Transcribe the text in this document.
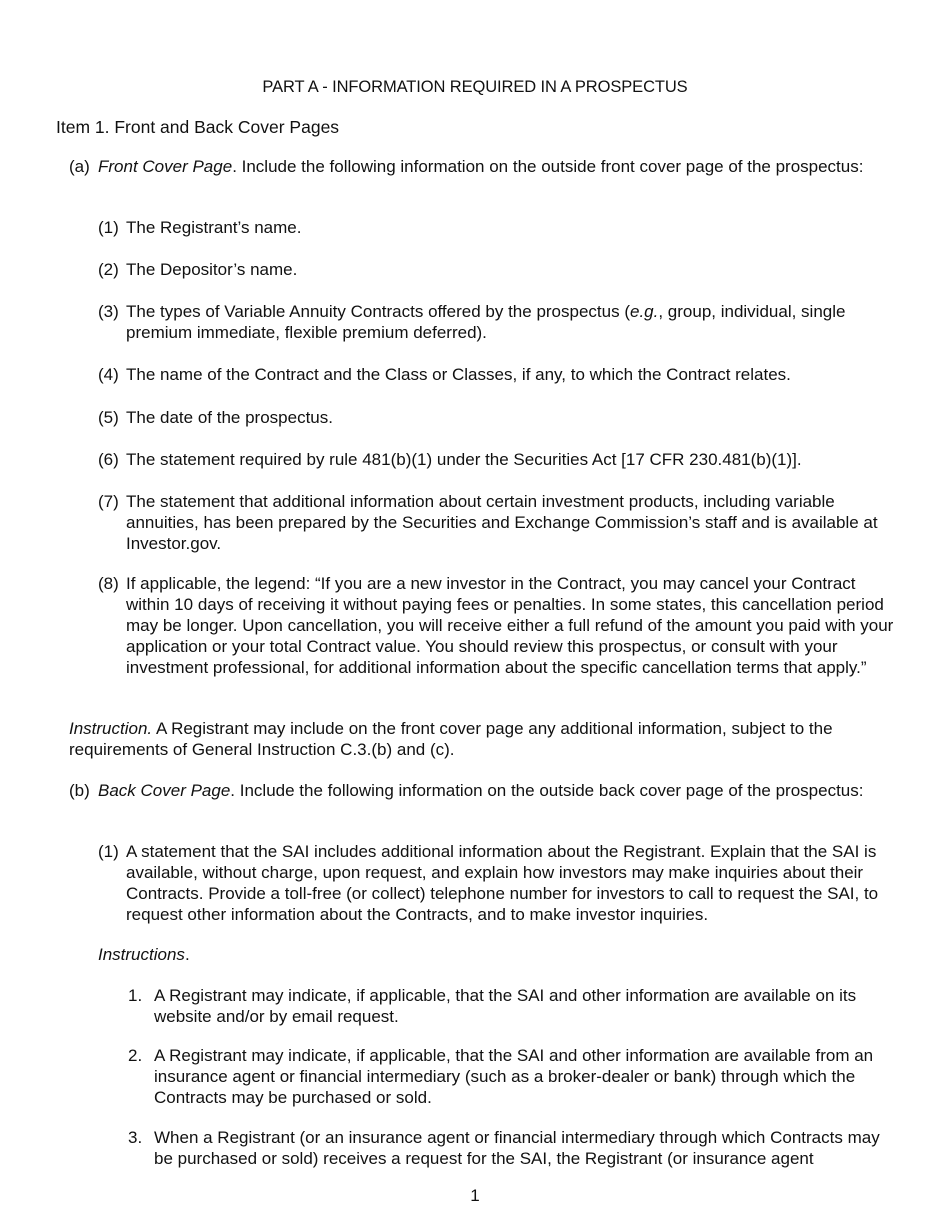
PART A - INFORMATION REQUIRED IN A PROSPECTUS
Item 1. Front and Back Cover Pages
(a) Front Cover Page. Include the following information on the outside front cover page of the prospectus:
(1) The Registrant’s name.
(2) The Depositor’s name.
(3) The types of Variable Annuity Contracts offered by the prospectus (e.g., group, individual, single premium immediate, flexible premium deferred).
(4) The name of the Contract and the Class or Classes, if any, to which the Contract relates.
(5) The date of the prospectus.
(6) The statement required by rule 481(b)(1) under the Securities Act [17 CFR 230.481(b)(1)].
(7) The statement that additional information about certain investment products, including variable annuities, has been prepared by the Securities and Exchange Commission’s staff and is available at Investor.gov.
(8) If applicable, the legend: “If you are a new investor in the Contract, you may cancel your Contract within 10 days of receiving it without paying fees or penalties. In some states, this cancellation period may be longer. Upon cancellation, you will receive either a full refund of the amount you paid with your application or your total Contract value. You should review this prospectus, or consult with your investment professional, for additional information about the specific cancellation terms that apply.”
Instruction. A Registrant may include on the front cover page any additional information, subject to the requirements of General Instruction C.3.(b) and (c).
(b) Back Cover Page. Include the following information on the outside back cover page of the prospectus:
(1) A statement that the SAI includes additional information about the Registrant. Explain that the SAI is available, without charge, upon request, and explain how investors may make inquiries about their Contracts. Provide a toll-free (or collect) telephone number for investors to call to request the SAI, to request other information about the Contracts, and to make investor inquiries.
Instructions.
1. A Registrant may indicate, if applicable, that the SAI and other information are available on its website and/or by email request.
2. A Registrant may indicate, if applicable, that the SAI and other information are available from an insurance agent or financial intermediary (such as a broker-dealer or bank) through which the Contracts may be purchased or sold.
3. When a Registrant (or an insurance agent or financial intermediary through which Contracts may be purchased or sold) receives a request for the SAI, the Registrant (or insurance agent
1
